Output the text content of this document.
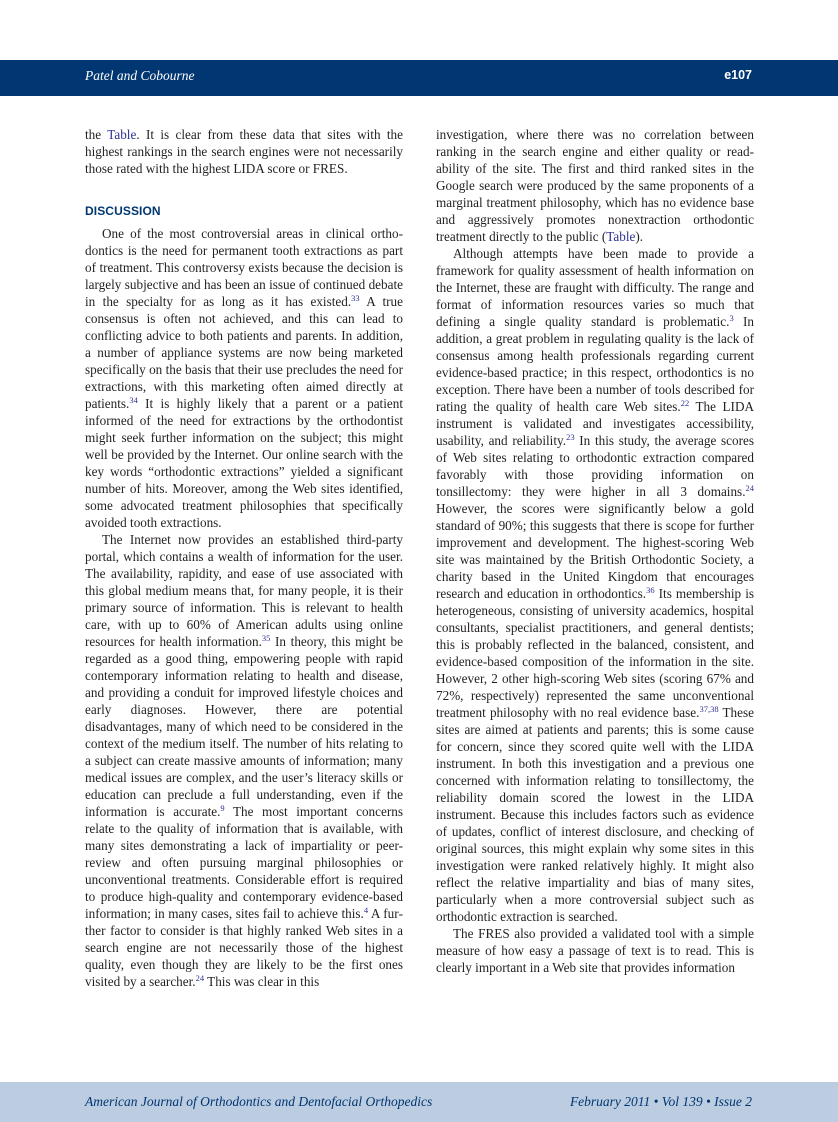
Patel and Cobourne	e107

the Table. It is clear from these data that sites with the highest rankings in the search engines were not necessarily those rated with the highest LIDA score or FRES.

DISCUSSION

One of the most controversial areas in clinical orthodontics is the need for permanent tooth extractions as part of treatment. This controversy exists because the decision is largely subjective and has been an issue of continued debate in the specialty for as long as it has existed.$^{33}$ A true consensus is often not achieved, and this can lead to conflicting advice to both patients and parents. In addition, a number of appliance systems are now being marketed specifically on the basis that their use precludes the need for extractions, with this marketing often aimed directly at patients.$^{34}$ It is highly likely that a parent or a patient informed of the need for extractions by the orthodontist might seek further information on the subject; this might well be provided by the Internet. Our online search with the key words “orthodontic extractions” yielded a significant number of hits. Moreover, among the Web sites identified, some advocated treatment philosophies that specifically avoided tooth extractions.

The Internet now provides an established third-party portal, which contains a wealth of information for the user. The availability, rapidity, and ease of use associated with this global medium means that, for many people, it is their primary source of information. This is relevant to health care, with up to 60% of American adults using online resources for health information.$^{35}$ In theory, this might be regarded as a good thing, empowering people with rapid contemporary information relating to health and disease, and providing a conduit for improved lifestyle choices and early diagnoses. However, there are potential disadvantages, many of which need to be considered in the context of the medium itself. The number of hits relating to a subject can create massive amounts of information; many medical issues are complex, and the user’s literacy skills or education can preclude a full understanding, even if the information is accurate.$^9$ The most important concerns relate to the quality of information that is available, with many sites demonstrating a lack of impartiality or peer-review and often pursuing marginal philosophies or unconventional treatments. Considerable effort is required to produce high-quality and contemporary evidence-based information; in many cases, sites fail to achieve this.$^4$ A further factor to consider is that highly ranked Web sites in a search engine are not necessarily those of the highest quality, even though they are likely to be the first ones visited by a searcher.$^{24}$ This was clear in this

investigation, where there was no correlation between ranking in the search engine and either quality or readability of the site. The first and third ranked sites in the Google search were produced by the same proponents of a marginal treatment philosophy, which has no evidence base and aggressively promotes nonextraction orthodontic treatment directly to the public (Table).

Although attempts have been made to provide a framework for quality assessment of health information on the Internet, these are fraught with difficulty. The range and format of information resources varies so much that defining a single quality standard is problematic.$^3$ In addition, a great problem in regulating quality is the lack of consensus among health professionals regarding current evidence-based practice; in this respect, orthodontics is no exception. There have been a number of tools described for rating the quality of health care Web sites.$^{22}$ The LIDA instrument is validated and investigates accessibility, usability, and reliability.$^{23}$ In this study, the average scores of Web sites relating to orthodontic extraction compared favorably with those providing information on tonsillectomy: they were higher in all 3 domains.$^{24}$ However, the scores were significantly below a gold standard of 90%; this suggests that there is scope for further improvement and development. The highest-scoring Web site was maintained by the British Orthodontic Society, a charity based in the United Kingdom that encourages research and education in orthodontics.$^{36}$ Its membership is heterogeneous, consisting of university academics, hospital consultants, specialist practitioners, and general dentists; this is probably reflected in the balanced, consistent, and evidence-based composition of the information in the site. However, 2 other high-scoring Web sites (scoring 67% and 72%, respectively) represented the same unconventional treatment philosophy with no real evidence base.$^{37,38}$ These sites are aimed at patients and parents; this is some cause for concern, since they scored quite well with the LIDA instrument. In both this investigation and a previous one concerned with information relating to tonsillectomy, the reliability domain scored the lowest in the LIDA instrument. Because this includes factors such as evidence of updates, conflict of interest disclosure, and checking of original sources, this might explain why some sites in this investigation were ranked relatively highly. It might also reflect the relative impartiality and bias of many sites, particularly when a more controversial subject such as orthodontic extraction is searched.

The FRES also provided a validated tool with a simple measure of how easy a passage of text is to read. This is clearly important in a Web site that provides information

American Journal of Orthodontics and Dentofacial Orthopedics	February 2011 • Vol 139 • Issue 2
